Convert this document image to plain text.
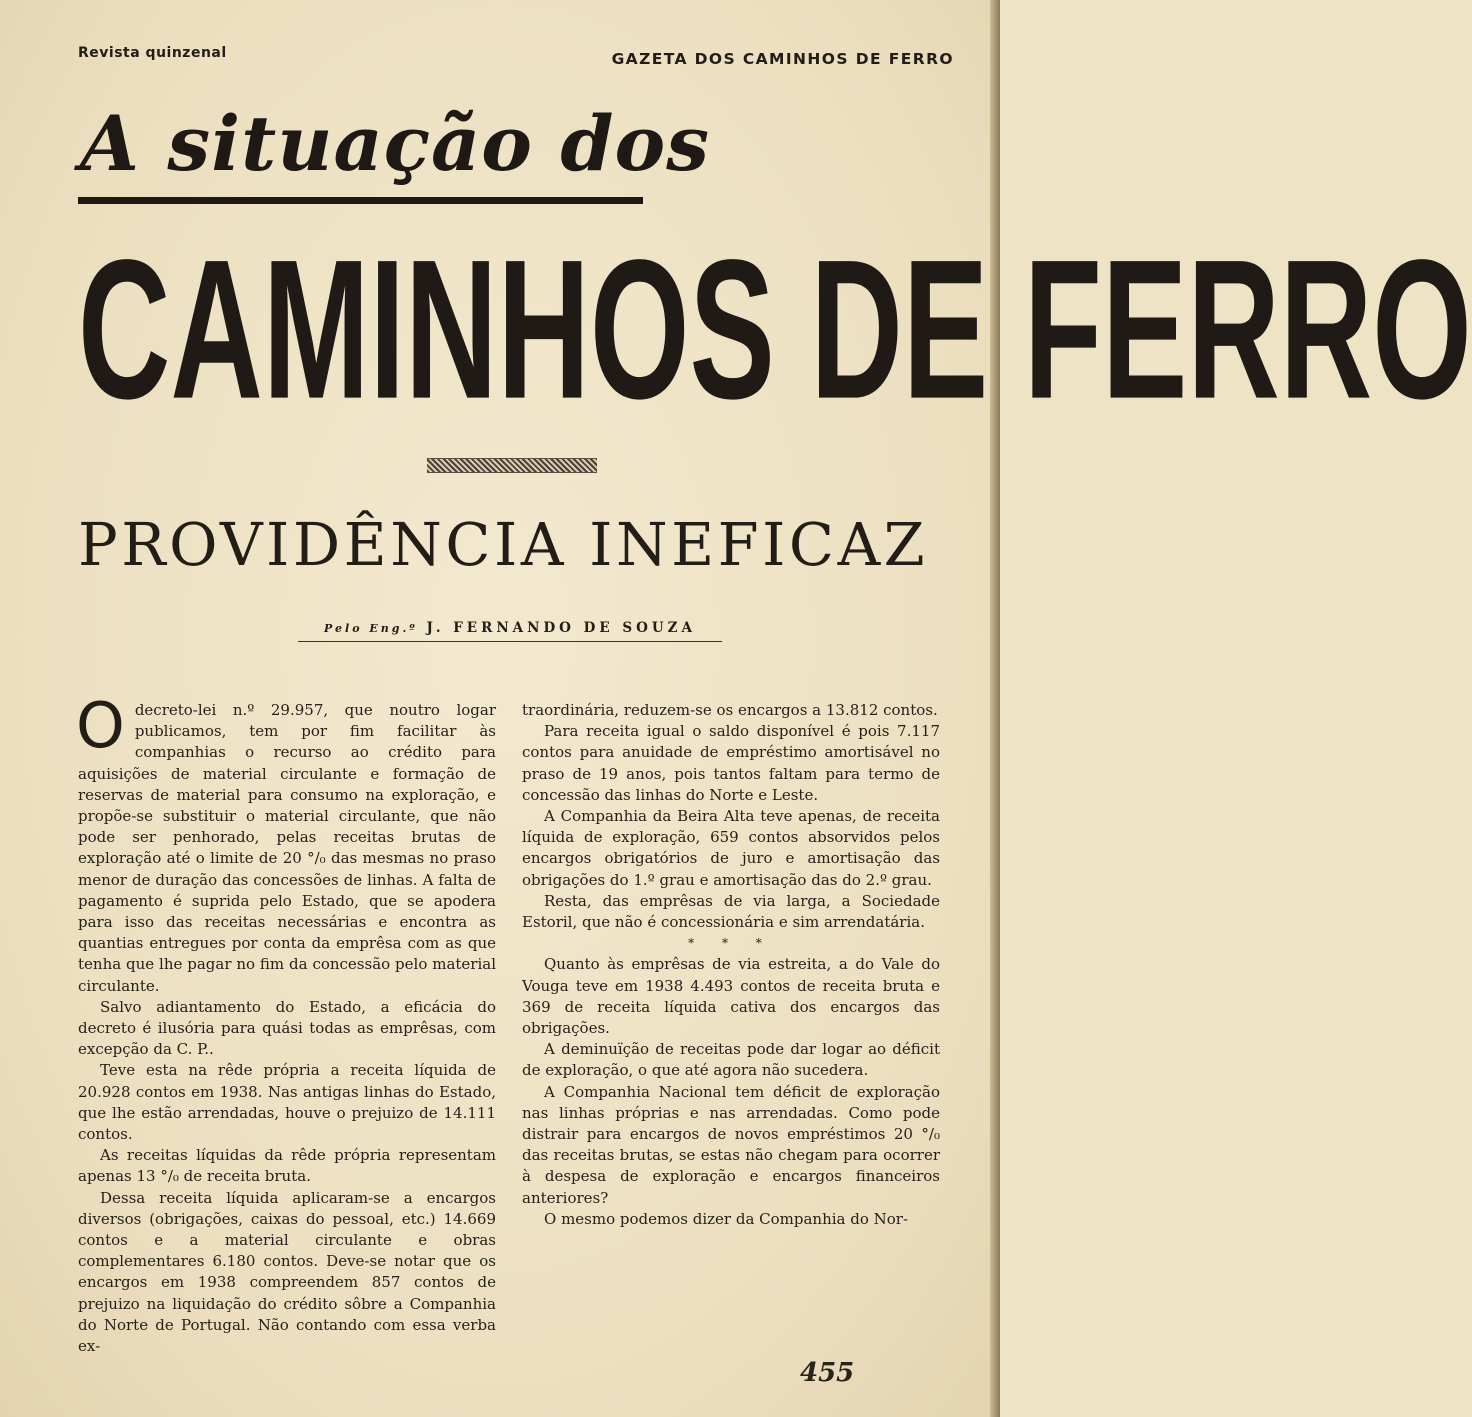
Revista quinzenal	GAZETA DOS CAMINHOS DE FERRO
A situação dos
C A M I N H O S
D E
F E R R O
PROVIDÊNCIA INEFICAZ
Pelo Eng.º J. FERNANDO DE SOUZA

Odecreto-lei n.º 29.957, que noutro logar publicamos, tem por fim facilitar às companhias o recurso ao crédito para aquisições de material circulante e formação de reservas de material para consumo na exploração, e propõe-se substituir o material circulante, que não pode ser penhorado, pelas receitas brutas de exploração até o limite de 20 °/₀ das mesmas no praso menor de duração das concessões de linhas. A falta de pagamento é suprida pelo Estado, que se apodera para isso das receitas necessárias e encontra as quantias entregues por conta da emprêsa com as que tenha que lhe pagar no fim da concessão pelo material circulante.

Salvo adiantamento do Estado, a eficácia do decreto é ilusória para quási todas as emprêsas, com excepção da C. P..

Teve esta na rêde própria a receita líquida de 20.928 contos em 1938. Nas antigas linhas do Estado, que lhe estão arrendadas, houve o prejuizo de 14.111 contos.

As receitas líquidas da rêde própria representam apenas 13 °/₀ de receita bruta.

Dessa receita líquida aplicaram-se a encargos diversos (obrigações, caixas do pessoal, etc.) 14.669 contos e a material circulante e obras complementares 6.180 contos. Deve-se notar que os encargos em 1938 compreendem 857 contos de prejuizo na liquidação do crédito sôbre a Companhia do Norte de Portugal. Não contando com essa verba ex-

traordinária, reduzem-se os encargos a 13.812 contos.

Para receita igual o saldo disponível é pois 7.117 contos para anuidade de empréstimo amortisável no praso de 19 anos, pois tantos faltam para termo de concessão das linhas do Norte e Leste.

A Companhia da Beira Alta teve apenas, de receita líquida de exploração, 659 contos absorvidos pelos encargos obrigatórios de juro e amortisação das obrigações do 1.º grau e amortisação das do 2.º grau.

Resta, das emprêsas de via larga, a Sociedade Estoril, que não é concessionária e sim arrendatária.

* * *

Quanto às emprêsas de via estreita, a do Vale do Vouga teve em 1938 4.493 contos de receita bruta e 369 de receita líquida cativa dos encargos das obrigações.

A deminuïção de receitas pode dar logar ao déficit de exploração, o que até agora não sucedera.

A Companhia Nacional tem déficit de exploração nas linhas próprias e nas arrendadas. Como pode distrair para encargos de novos empréstimos 20 °/₀ das receitas brutas, se estas não chegam para ocorrer à despesa de exploração e encargos financeiros anteriores?

O mesmo podemos dizer da Companhia do Nor-

455
